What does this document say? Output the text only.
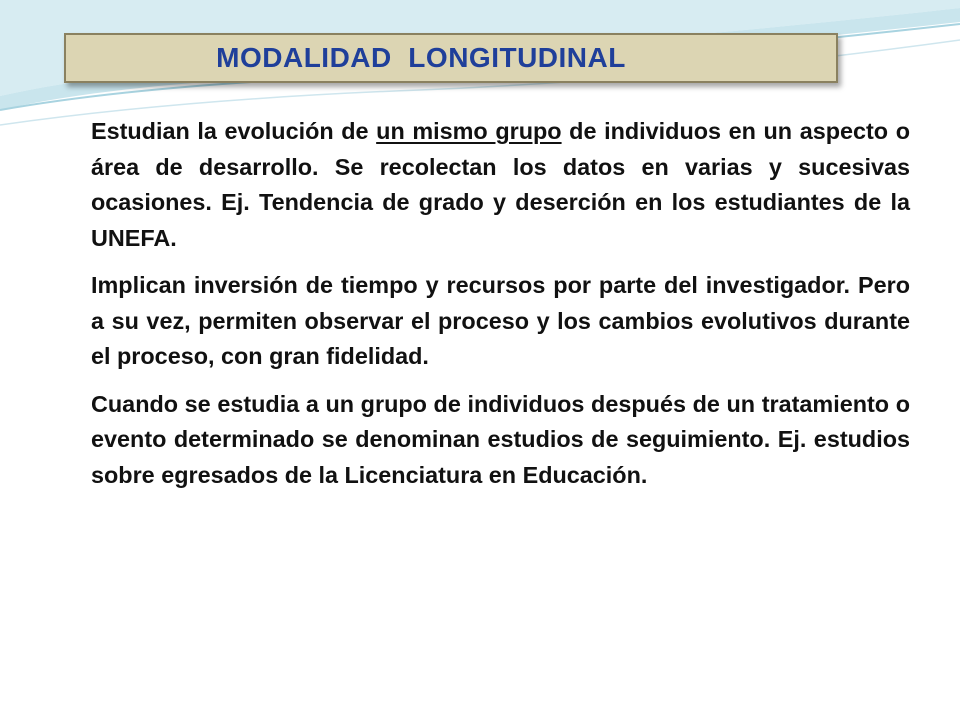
MODALIDAD  LONGITUDINAL

Estudian la evolución de un mismo grupo de individuos en un aspecto o área de desarrollo. Se recolectan los datos en varias y sucesivas ocasiones. Ej. Tendencia de grado y deserción en los estudiantes de la UNEFA.

Implican inversión de tiempo y recursos por parte del investigador. Pero a su vez, permiten observar el proceso y los cambios evolutivos durante el proceso, con gran fidelidad.

Cuando se estudia a un grupo de individuos después de un tratamiento o evento determinado se denominan estudios de seguimiento. Ej. estudios sobre egresados de la Licenciatura en Educación.
